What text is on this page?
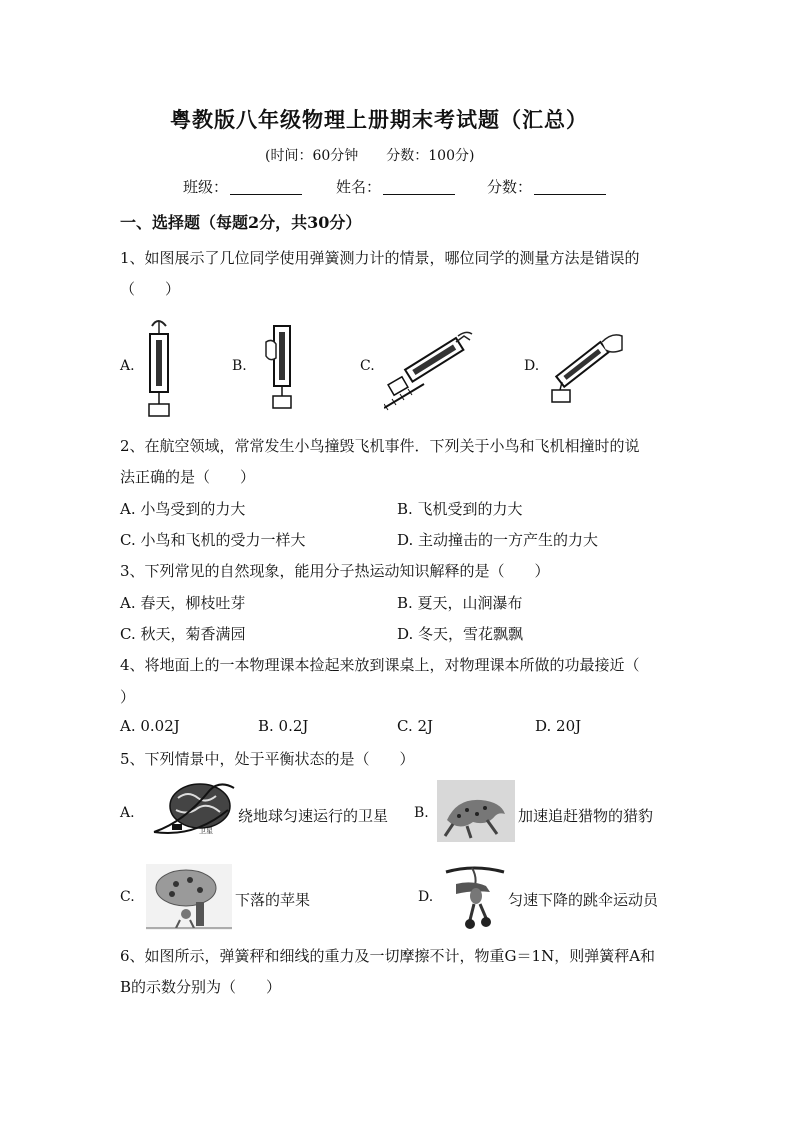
粤教版八年级物理上册期末考试题（汇总）
(时间：60分钟　　分数：100分)
班级：	姓名：	分数：
一、选择题（每题2分，共30分）
1、如图展示了几位同学使用弹簧测力计的情景，哪位同学的测量方法是错误的
（　　）
A.	B.	C.	D.
2、在航空领域，常常发生小鸟撞毁飞机事件．下列关于小鸟和飞机相撞时的说
法正确的是（　　）
A. 小鸟受到的力大	B. 飞机受到的力大
C. 小鸟和飞机的受力一样大	D. 主动撞击的一方产生的力大
3、下列常见的自然现象，能用分子热运动知识解释的是（　　）
A. 春天，柳枝吐芽	B. 夏天，山涧瀑布
C. 秋天，菊香满园	D. 冬天，雪花飘飘
4、将地面上的一本物理课本捡起来放到课桌上，对物理课本所做的功最接近（
）
A. 0.02J	B. 0.2J	C. 2J	D. 20J
5、下列情景中，处于平衡状态的是（　　）
A.
卫星
绕地球匀速运行的卫星 B.	加速追赶猎物的猎豹
C.	下落的苹果	D.	匀速下降的跳伞运动员
6、如图所示，弹簧秤和细线的重力及一切摩擦不计，物重G＝1N，则弹簧秤A和
B的示数分别为（　　）
